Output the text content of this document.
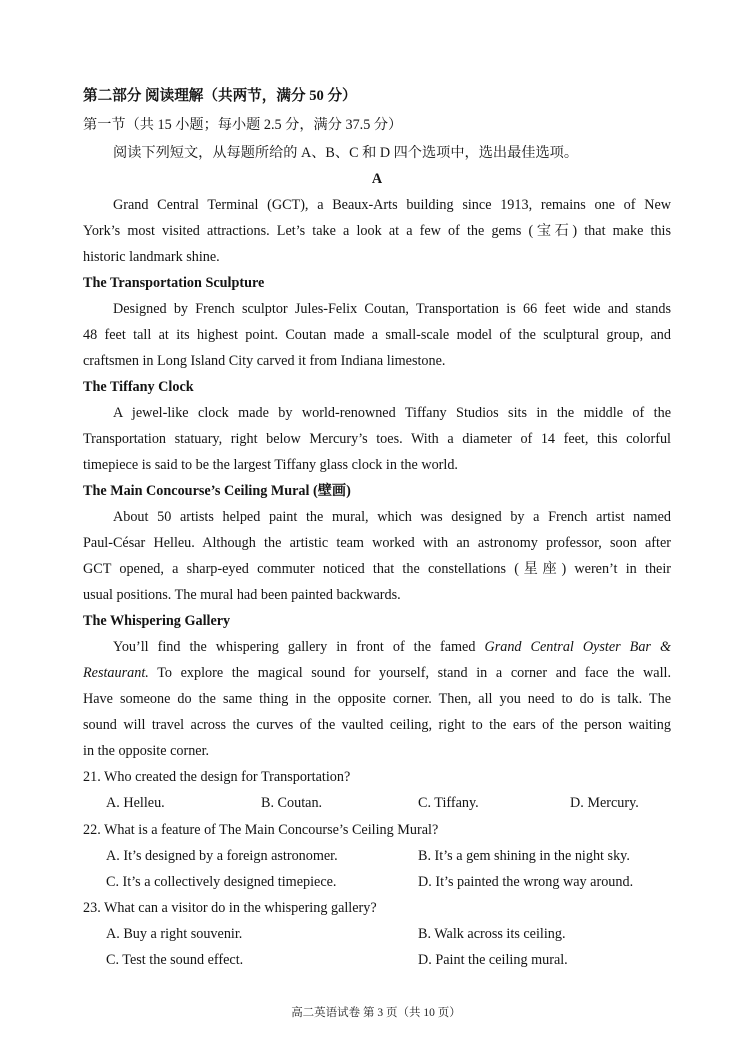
第二部分 阅读理解（共两节，满分 50 分）
第一节（共 15 小题；每小题 2.5 分，满分 37.5 分）
阅读下列短文，从每题所给的 A、B、C 和 D 四个选项中，选出最佳选项。
A
Grand Central Terminal (GCT), a Beaux-Arts building since 1913, remains one of New
York’s most visited attractions. Let’s take a look at a few of the gems (宝石) that make this
historic landmark shine.
The Transportation Sculpture
Designed by French sculptor Jules-Felix Coutan, Transportation is 66 feet wide and stands
48 feet tall at its highest point. Coutan made a small-scale model of the sculptural group, and
craftsmen in Long Island City carved it from Indiana limestone.
The Tiffany Clock
A jewel-like clock made by world-renowned Tiffany Studios sits in the middle of the
Transportation statuary, right below Mercury’s toes. With a diameter of 14 feet, this colorful
timepiece is said to be the largest Tiffany glass clock in the world.
The Main Concourse’s Ceiling Mural (壁画)
About 50 artists helped paint the mural, which was designed by a French artist named
Paul-César Helleu. Although the artistic team worked with an astronomy professor, soon after
GCT opened, a sharp-eyed commuter noticed that the constellations (星座) weren’t in their
usual positions. The mural had been painted backwards.
The Whispering Gallery
You’ll find the whispering gallery in front of the famed Grand Central Oyster Bar &
Restaurant. To explore the magical sound for yourself, stand in a corner and face the wall.
Have someone do the same thing in the opposite corner. Then, all you need to do is talk. The
sound will travel across the curves of the vaulted ceiling, right to the ears of the person waiting
in the opposite corner.
21. Who created the design for Transportation?
A. Helleu.	B. Coutan.	C. Tiffany.	D. Mercury.
22. What is a feature of The Main Concourse’s Ceiling Mural?
A. It’s designed by a foreign astronomer.	B. It’s a gem shining in the night sky.
C. It’s a collectively designed timepiece.	D. It’s painted the wrong way around.
23. What can a visitor do in the whispering gallery?
A. Buy a right souvenir.	B. Walk across its ceiling.
C. Test the sound effect.	D. Paint the ceiling mural.
高二英语试卷 第 3 页（共 10 页）
